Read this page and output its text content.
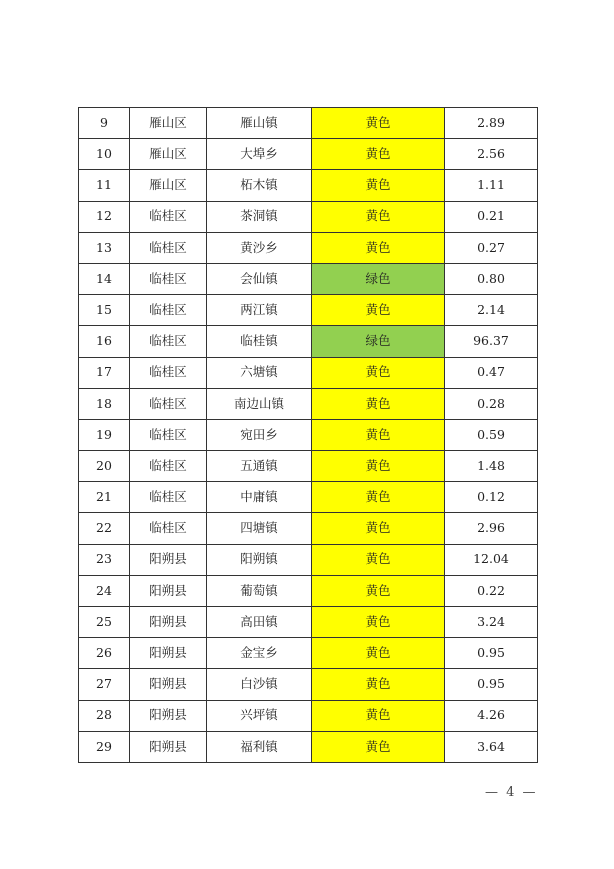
9	雁山区	雁山镇	黄色	2.89
10	雁山区	大埠乡	黄色	2.56
11	雁山区	柘木镇	黄色	1.11
12	临桂区	茶洞镇	黄色	0.21
13	临桂区	黄沙乡	黄色	0.27
14	临桂区	会仙镇	绿色	0.80
15	临桂区	两江镇	黄色	2.14
16	临桂区	临桂镇	绿色	96.37
17	临桂区	六塘镇	黄色	0.47
18	临桂区	南边山镇	黄色	0.28
19	临桂区	宛田乡	黄色	0.59
20	临桂区	五通镇	黄色	1.48
21	临桂区	中庸镇	黄色	0.12
22	临桂区	四塘镇	黄色	2.96
23	阳朔县	阳朔镇	黄色	12.04
24	阳朔县	葡萄镇	黄色	0.22
25	阳朔县	高田镇	黄色	3.24
26	阳朔县	金宝乡	黄色	0.95
27	阳朔县	白沙镇	黄色	0.95
28	阳朔县	兴坪镇	黄色	4.26
29	阳朔县	福利镇	黄色	3.64
— 4 —
